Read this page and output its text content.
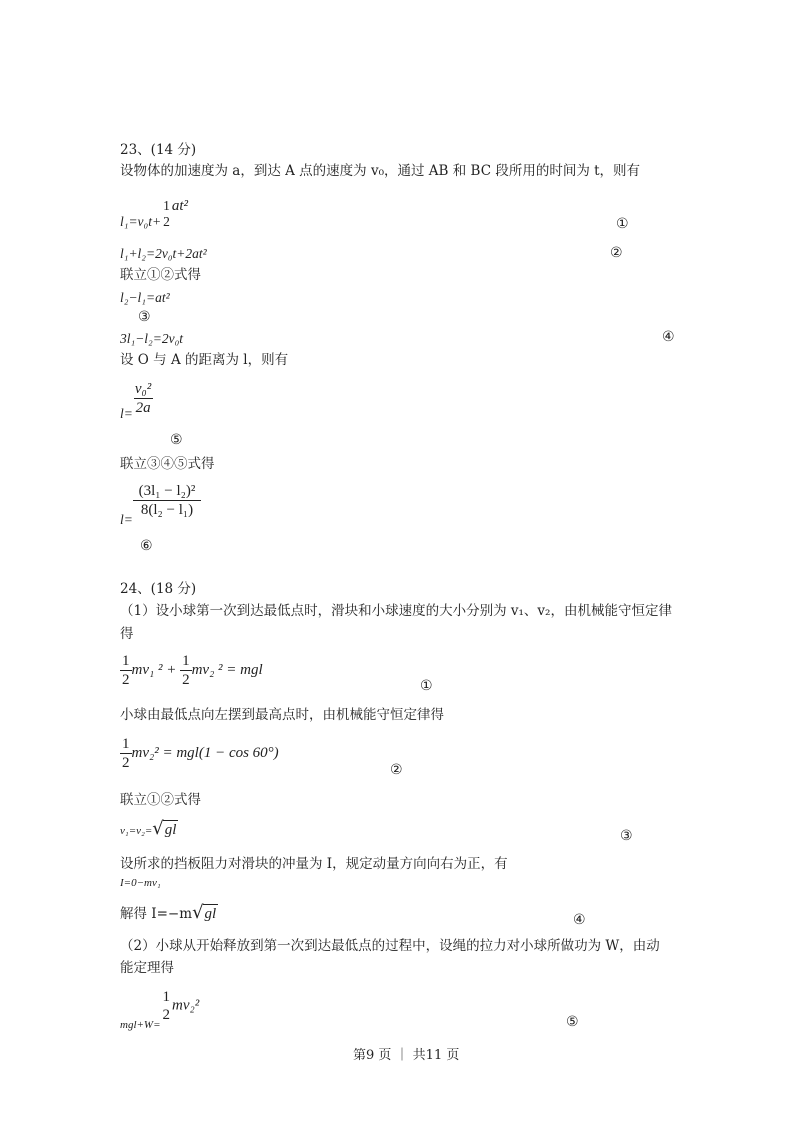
23、(14 分)
设物体的加速度为 a，到达 A 点的速度为 v₀，通过 AB 和 BC 段所用的时间为 t，则有
l₁=v₀t+
1
2
at²
①
l₁+l₂=2v₀t+2at²	②
联立①②式得
l₂−l₁=at²
③
3l₁−l₂=2v₀t	④
设 O 与 A 的距离为 l，则有
$l= \frac{\text{v₀²}}{2a}$
⑤
联立③④⑤式得
l=
$\frac{\text{(3l₁ − l₂)²}}{\text{8(l₂ − l₁)}}$
⑥
24、(18 分)
（1）设小球第一次到达最低点时，滑块和小球速度的大小分别为 v₁、v₂，由机械能守恒定律
得
$\frac{1}{2} mv_1$ $^2 + \frac{1}{2} mv_2$ ² = mgl
①
小球由最低点向左摆到最高点时，由机械能守恒定律得
$\frac{1}{2} mv_2^2 = mgl(1 - \cos 60^\circ)$
②
联立①②式得
v₁=v₂=√gl	③
设所求的挡板阻力对滑块的冲量为 I，规定动量方向向右为正，有
I=0−mv₁
解得 I=−m√gl	④
（2）小球从开始释放到第一次到达最低点的过程中，设绳的拉力对小球所做功为 W，由动
能定理得
$_{mgl+W=}$
1
2
mv₂²
⑤
第9 页 ｜ 共11 页
